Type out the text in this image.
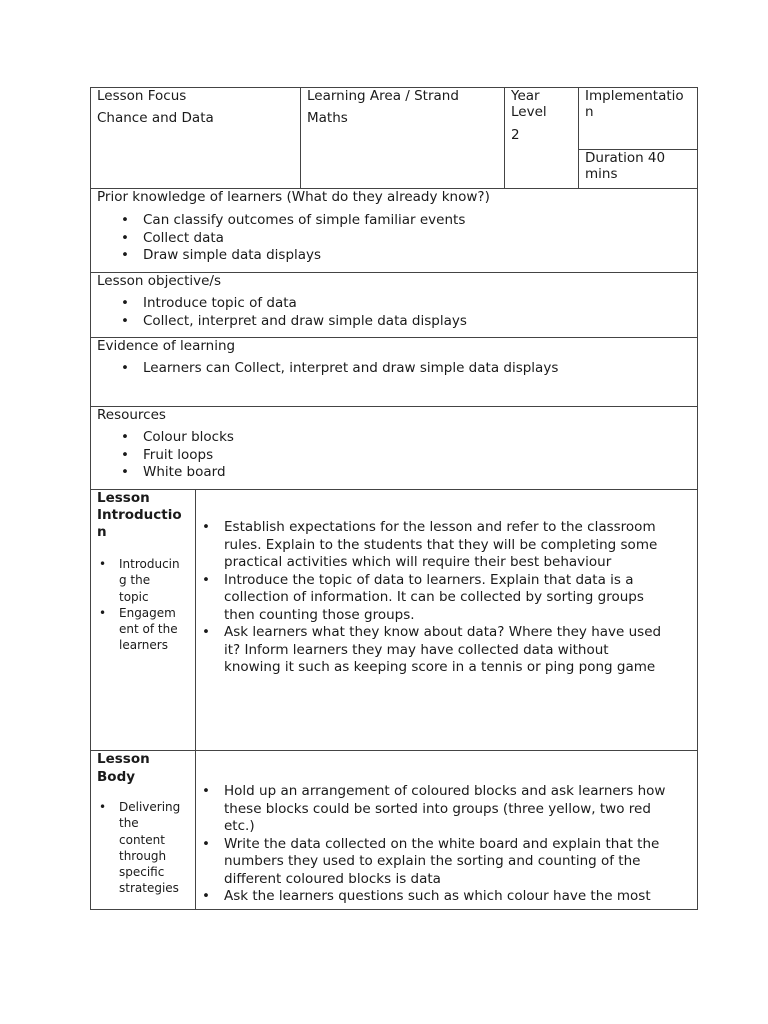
Lesson Focus
Chance and Data
Learning Area / Strand
Maths
Year
Level
2
Implementatio
n
Duration 40
mins
Prior knowledge of learners (What do they already know?)
• Can classify outcomes of simple familiar events
• Collect data
• Draw simple data displays
Lesson objective/s
• Introduce topic of data
• Collect, interpret and draw simple data displays
Evidence of learning
• Learners can Collect, interpret and draw simple data displays
Resources
• Colour blocks
• Fruit loops
• White board
Lesson
Introductio
n
• Introducin
g the
topic
• Engagem
ent of the
learners
• Establish expectations for the lesson and refer to the classroom
rules. Explain to the students that they will be completing some
practical activities which will require their best behaviour
• Introduce the topic of data to learners. Explain that data is a
collection of information. It can be collected by sorting groups
then counting those groups.
• Ask learners what they know about data? Where they have used
it? Inform learners they may have collected data without
knowing it such as keeping score in a tennis or ping pong game
Lesson
Body
• Delivering
the
content
through
specific
strategies
• Hold up an arrangement of coloured blocks and ask learners how
these blocks could be sorted into groups (three yellow, two red
etc.)
• Write the data collected on the white board and explain that the
numbers they used to explain the sorting and counting of the
different coloured blocks is data
• Ask the learners questions such as which colour have the most
